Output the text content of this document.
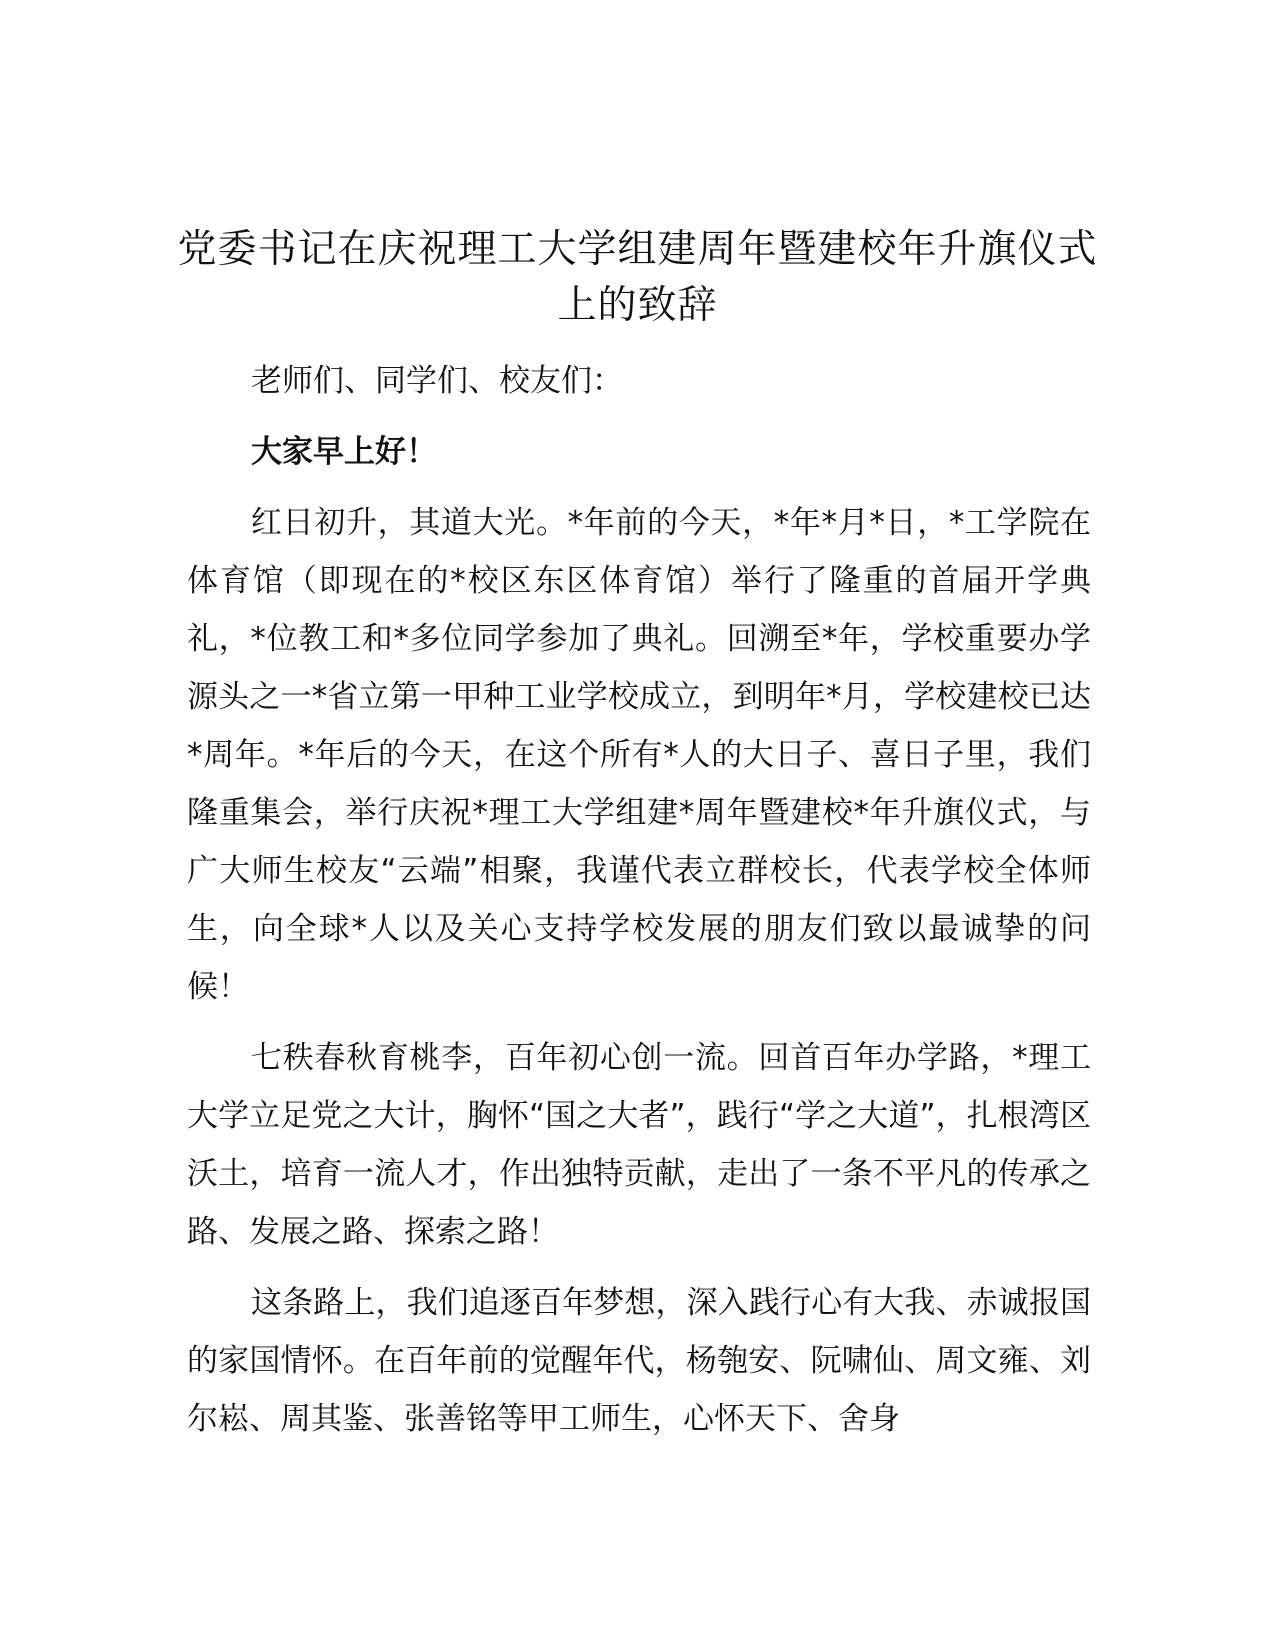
党委书记在庆祝理工大学组建周年暨建校年升旗仪式上的致辞

老师们、同学们、校友们：

大家早上好！

红日初升，其道大光。*年前的今天，*年*月*日，*工学院在体育馆（即现在的*校区东区体育馆）举行了隆重的首届开学典礼，*位教工和*多位同学参加了典礼。回溯至*年，学校重要办学源头之一*省立第一甲种工业学校成立，到明年*月，学校建校已达*周年。*年后的今天，在这个所有*人的大日子、喜日子里，我们隆重集会，举行庆祝*理工大学组建*周年暨建校*年升旗仪式，与广大师生校友“云端”相聚，我谨代表立群校长，代表学校全体师生，向全球*人以及关心支持学校发展的朋友们致以最诚挚的问候！

七秩春秋育桃李，百年初心创一流。回首百年办学路，*理工大学立足党之大计，胸怀“国之大者”，践行“学之大道”，扎根湾区沃土，培育一流人才，作出独特贡献，走出了一条不平凡的传承之路、发展之路、探索之路！

这条路上，我们追逐百年梦想，深入践行心有大我、赤诚报国的家国情怀。在百年前的觉醒年代，杨匏安、阮啸仙、周文雍、刘尔崧、周其鉴、张善铭等甲工师生，心怀天下、舍身
